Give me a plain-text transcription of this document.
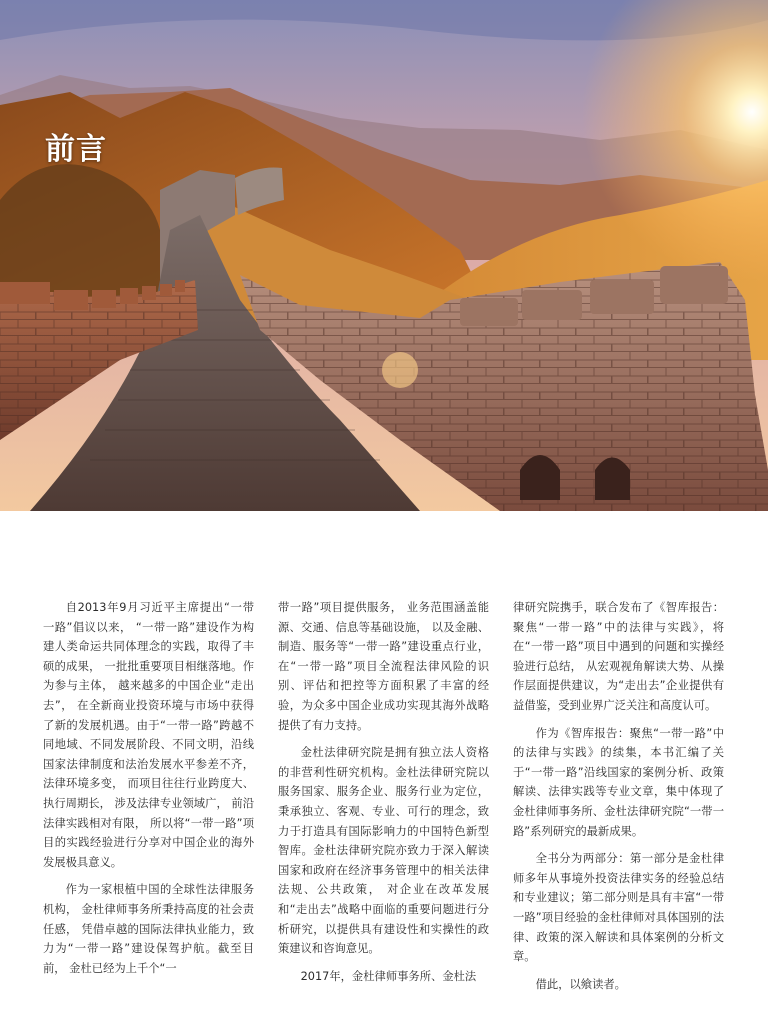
前言

自2013年9月习近平主席提出“一带一路”倡议以来， “一带一路”建设作为构建人类命运共同体理念的实践，取得了丰硕的成果， 一批批重要项目相继落地。作为参与主体， 越来越多的中国企业“走出去”， 在全新商业投资环境与市场中获得了新的发展机遇。由于“一带一路”跨越不同地域、不同发展阶段、不同文明，沿线国家法律制度和法治发展水平参差不齐， 法律环境多变， 而项目往往行业跨度大、执行周期长， 涉及法律专业领域广， 前沿法律实践相对有限， 所以将“一带一路”项目的实践经验进行分享对中国企业的海外发展极具意义。

作为一家根植中国的全球性法律服务机构， 金杜律师事务所秉持高度的社会责任感， 凭借卓越的国际法律执业能力，致力为“一带一路”建设保驾护航。截至目前， 金杜已经为上千个“一

带一路”项目提供服务， 业务范围涵盖能源、交通、信息等基础设施， 以及金融、制造、服务等“一带一路”建设重点行业， 在“一带一路”项目全流程法律风险的识别、评估和把控等方面积累了丰富的经验，为众多中国企业成功实现其海外战略提供了有力支持。

金杜法律研究院是拥有独立法人资格的非营利性研究机构。金杜法律研究院以服务国家、服务企业、服务行业为定位，秉承独立、客观、专业、可行的理念，致力于打造具有国际影响力的中国特色新型智库。金杜法律研究院亦致力于深入解读国家和政府在经济事务管理中的相关法律法规、公共政策， 对企业在改革发展和“走出去”战略中面临的重要问题进行分析研究，以提供具有建设性和实操性的政策建议和咨询意见。

2017年，金杜律师事务所、金杜法

律研究院携手，联合发布了《智库报告：聚焦“一带一路”中的法律与实践》，将在“一带一路”项目中遇到的问题和实操经验进行总结， 从宏观视角解读大势、从操作层面提供建议，为“走出去”企业提供有益借鉴，受到业界广泛关注和高度认可。

作为《智库报告：聚焦“一带一路”中的法律与实践》的续集，本书汇编了关于“一带一路”沿线国家的案例分析、政策解读、法律实践等专业文章，集中体现了金杜律师事务所、金杜法律研究院“一带一路”系列研究的最新成果。

全书分为两部分：第一部分是金杜律师多年从事境外投资法律实务的经验总结和专业建议；第二部分则是具有丰富“一带一路”项目经验的金杜律师对具体国别的法律、政策的深入解读和具体案例的分析文章。

借此，以飨读者。
